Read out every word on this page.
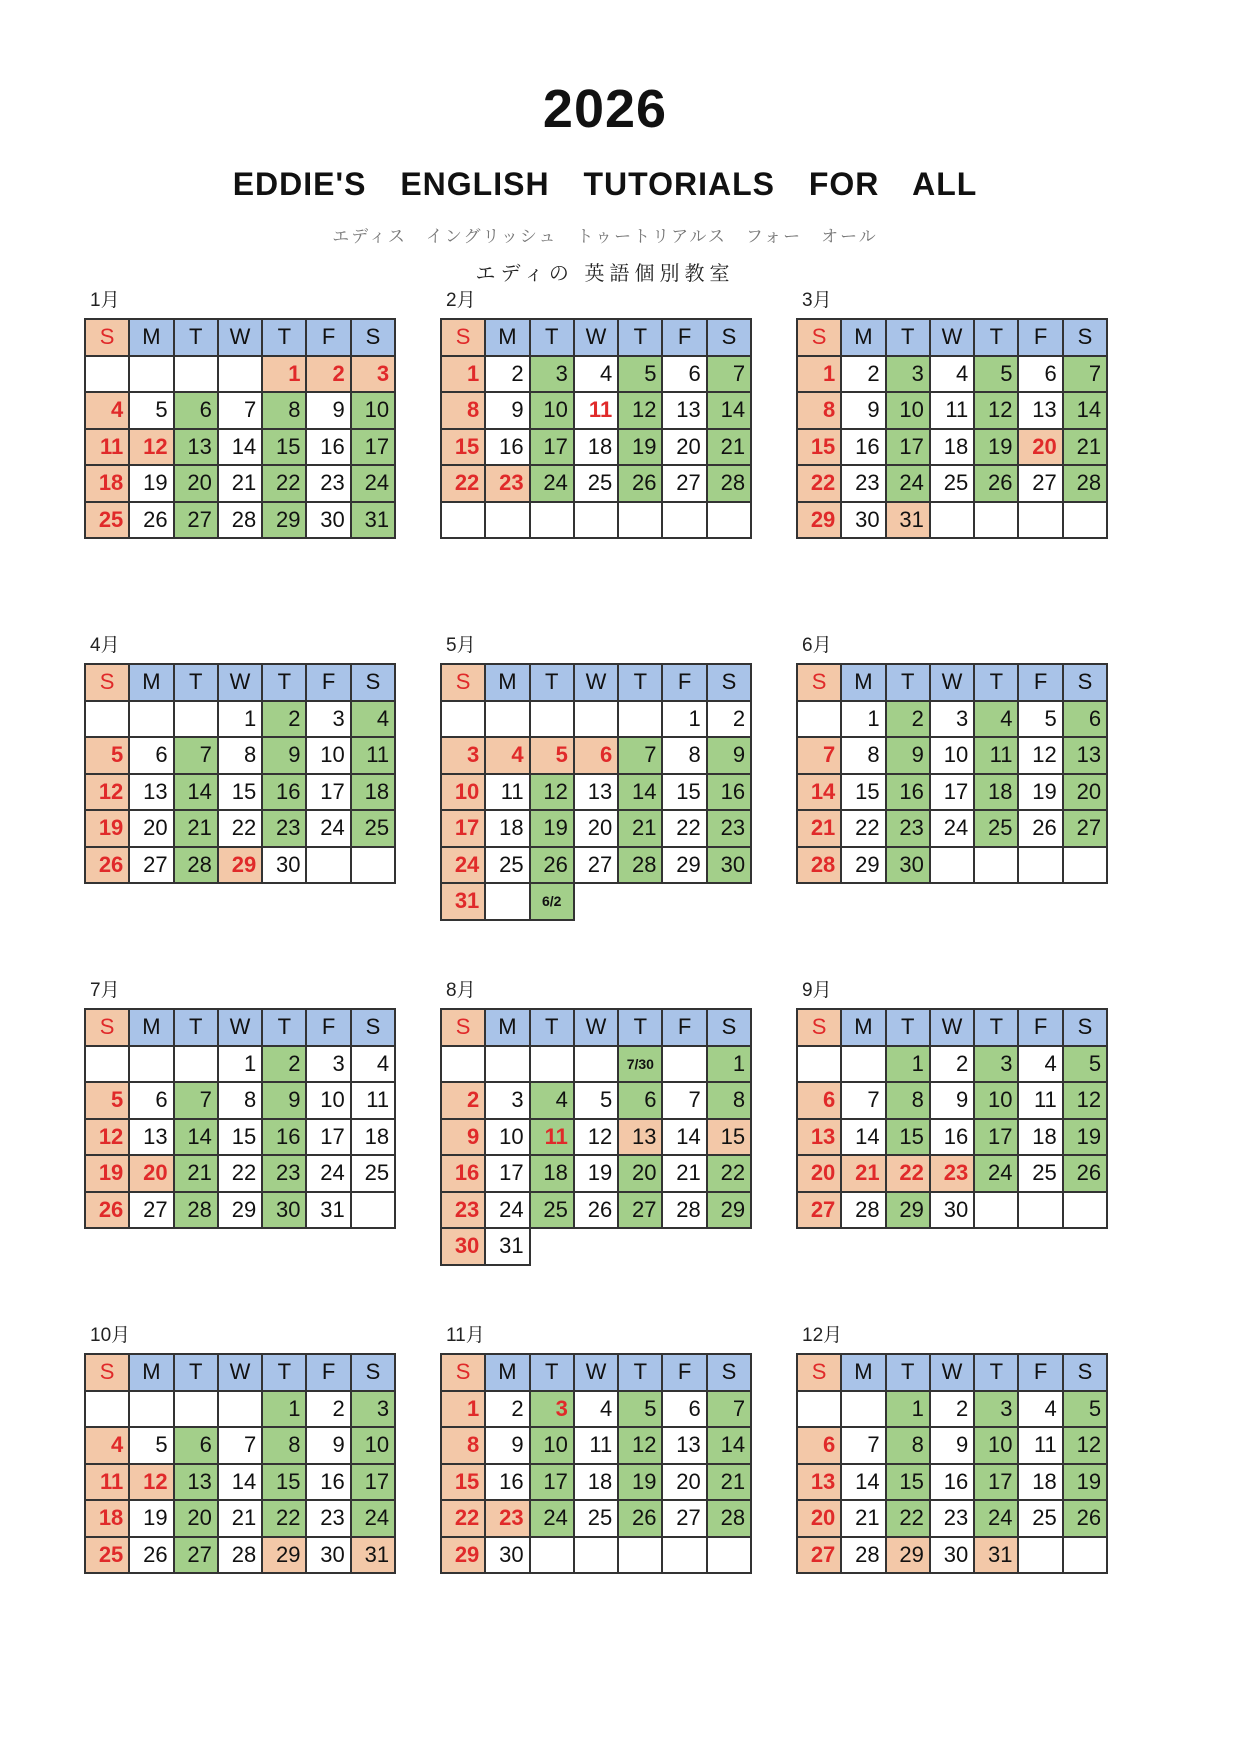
2026
EDDIE'S ENGLISH TUTORIALS FOR ALL
エディス　イングリッシュ　トゥートリアルス　フォー　オール
エディの 英語個別教室
1月
S	M	T	W	T	F	S
				1	2	3
4	5	6	7	8	9	10
11	12	13	14	15	16	17
18	19	20	21	22	23	24
25	26	27	28	29	30	31
2月
S	M	T	W	T	F	S
1	2	3	4	5	6	7
8	9	10	11	12	13	14
15	16	17	18	19	20	21
22	23	24	25	26	27	28

3月
S	M	T	W	T	F	S
1	2	3	4	5	6	7
8	9	10	11	12	13	14
15	16	17	18	19	20	21
22	23	24	25	26	27	28
29	30	31				
4月
S	M	T	W	T	F	S
			1	2	3	4
5	6	7	8	9	10	11
12	13	14	15	16	17	18
19	20	21	22	23	24	25
26	27	28	29	30		
5月
S	M	T	W	T	F	S
					1	2
3	4	5	6	7	8	9
10	11	12	13	14	15	16
17	18	19	20	21	22	23
24	25	26	27	28	29	30
31		6/2				
6月
S	M	T	W	T	F	S
	1	2	3	4	5	6
7	8	9	10	11	12	13
14	15	16	17	18	19	20
21	22	23	24	25	26	27
28	29	30				
7月
S	M	T	W	T	F	S
			1	2	3	4
5	6	7	8	9	10	11
12	13	14	15	16	17	18
19	20	21	22	23	24	25
26	27	28	29	30	31	
8月
S	M	T	W	T	F	S
				7/30		1
2	3	4	5	6	7	8
9	10	11	12	13	14	15
16	17	18	19	20	21	22
23	24	25	26	27	28	29
30	31					
9月
S	M	T	W	T	F	S
		1	2	3	4	5
6	7	8	9	10	11	12
13	14	15	16	17	18	19
20	21	22	23	24	25	26
27	28	29	30			
10月
S	M	T	W	T	F	S
				1	2	3
4	5	6	7	8	9	10
11	12	13	14	15	16	17
18	19	20	21	22	23	24
25	26	27	28	29	30	31
11月
S	M	T	W	T	F	S
1	2	3	4	5	6	7
8	9	10	11	12	13	14
15	16	17	18	19	20	21
22	23	24	25	26	27	28
29	30					
12月
S	M	T	W	T	F	S
		1	2	3	4	5
6	7	8	9	10	11	12
13	14	15	16	17	18	19
20	21	22	23	24	25	26
27	28	29	30	31		
